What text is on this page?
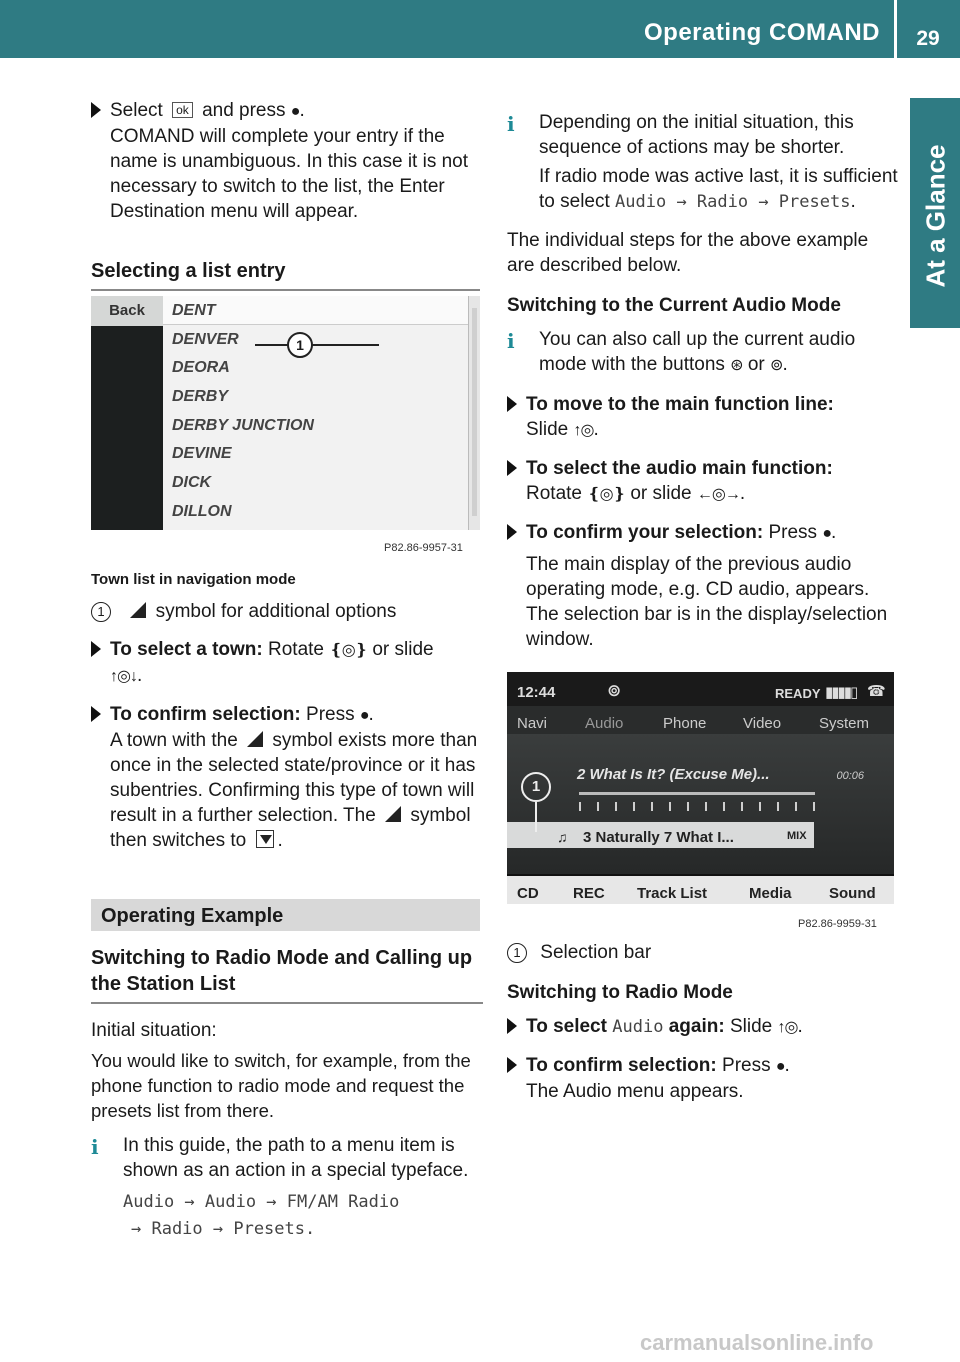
Operating COMAND	29
At a Glance

Select ok and press ●.

COMAND will complete your entry if the name is unambiguous. In this case it is not necessary to switch to the list, the Enter Destination menu will appear.

Selecting a list entry
Back	DENT
DENVER
DEORA
DERBY
DERBY JUNCTION
DEVINE
DICK
DILLON
1
P82.86-9957-31
Town list in navigation mode
1	symbol for additional options

To select a town: Rotate ❴◎❵ or slide

↑◎↓.

To confirm selection: Press ●.

A town with the symbol exists more than once in the selected state/province or it has subentries. Confirming this type of town will result in a further selection. The symbol then switches to .

Operating Example
Switching to Radio Mode and Calling up the Station List

Initial situation:

You would like to switch, for example, from the phone function to radio mode and request the presets list from there.

i	In this guide, the path to a menu item is shown as an action in a special typeface.

Audio → Audio → FM/AM Radio

→ Radio → Presets.

i	Depending on the initial situation, this sequence of actions may be shorter.

If radio mode was active last, it is sufficient to select Audio → Radio → Presets.

The individual steps for the above example are described below.

Switching to the Current Audio Mode
i	You can also call up the current audio mode with the buttons ⊛ or ⊚.

To move to the main function line:

Slide ↑◎.

To select the audio main function:

Rotate ❴◎❵ or slide ←◎→.

To confirm your selection: Press ●.

The main display of the previous audio operating mode, e.g. CD audio, appears. The selection bar is in the display/selection window.

12:44	⊚	READY ▮▮▮▮▯ ☎
Navi	Audio	Phone Video	System
2 What Is It? (Excuse Me)...	00:06
♫ 3 Naturally 7 What I...	MIX
1
CD REC Track List	Media Sound
P82.86-9959-31
1 Selection bar
Switching to Radio Mode

To select Audio again: Slide ↑◎.

To confirm selection: Press ●.

The Audio menu appears.

carmanualsonline.info
